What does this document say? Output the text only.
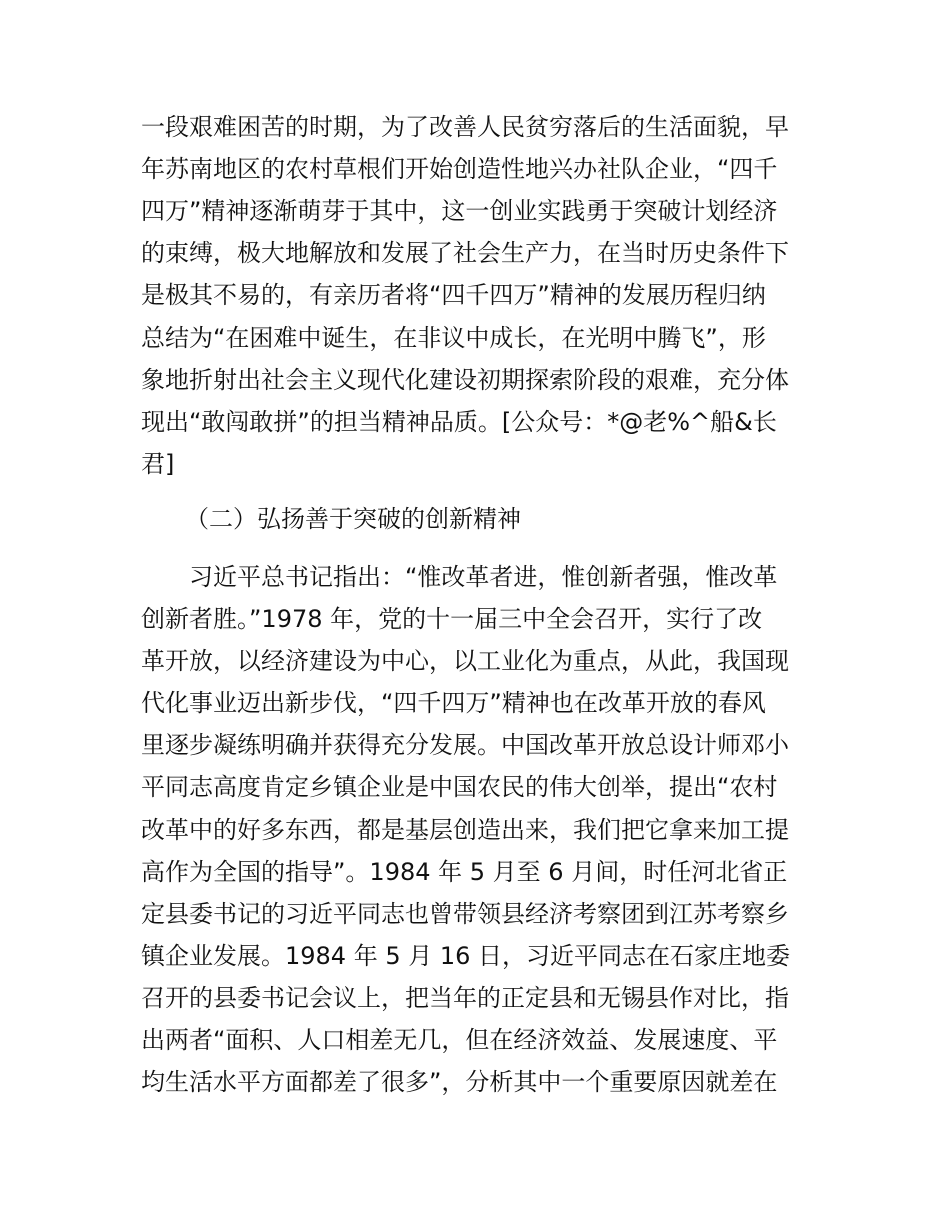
一段艰难困苦的时期，为了改善人民贫穷落后的生活面貌，早

年苏南地区的农村草根们开始创造性地兴办社队企业，“四千

四万”精神逐渐萌芽于其中，这一创业实践勇于突破计划经济

的束缚，极大地解放和发展了社会生产力，在当时历史条件下

是极其不易的，有亲历者将“四千四万”精神的发展历程归纳

总结为“在困难中诞生，在非议中成长，在光明中腾飞”，形

象地折射出社会主义现代化建设初期探索阶段的艰难，充分体

现出“敢闯敢拼”的担当精神品质。[公众号：*@老%^船&长

君]

（二）弘扬善于突破的创新精神

习近平总书记指出：“惟改革者进，惟创新者强，惟改革

创新者胜。”1978 年，党的十一届三中全会召开，实行了改

革开放，以经济建设为中心，以工业化为重点，从此，我国现

代化事业迈出新步伐，“四千四万”精神也在改革开放的春风

里逐步凝练明确并获得充分发展。中国改革开放总设计师邓小

平同志高度肯定乡镇企业是中国农民的伟大创举，提出“农村

改革中的好多东西，都是基层创造出来，我们把它拿来加工提

高作为全国的指导”。1984 年 5 月至 6 月间，时任河北省正

定县委书记的习近平同志也曾带领县经济考察团到江苏考察乡

镇企业发展。1984 年 5 月 16 日，习近平同志在石家庄地委

召开的县委书记会议上，把当年的正定县和无锡县作对比，指

出两者“面积、人口相差无几，但在经济效益、发展速度、平

均生活水平方面都差了很多”，分析其中一个重要原因就差在
